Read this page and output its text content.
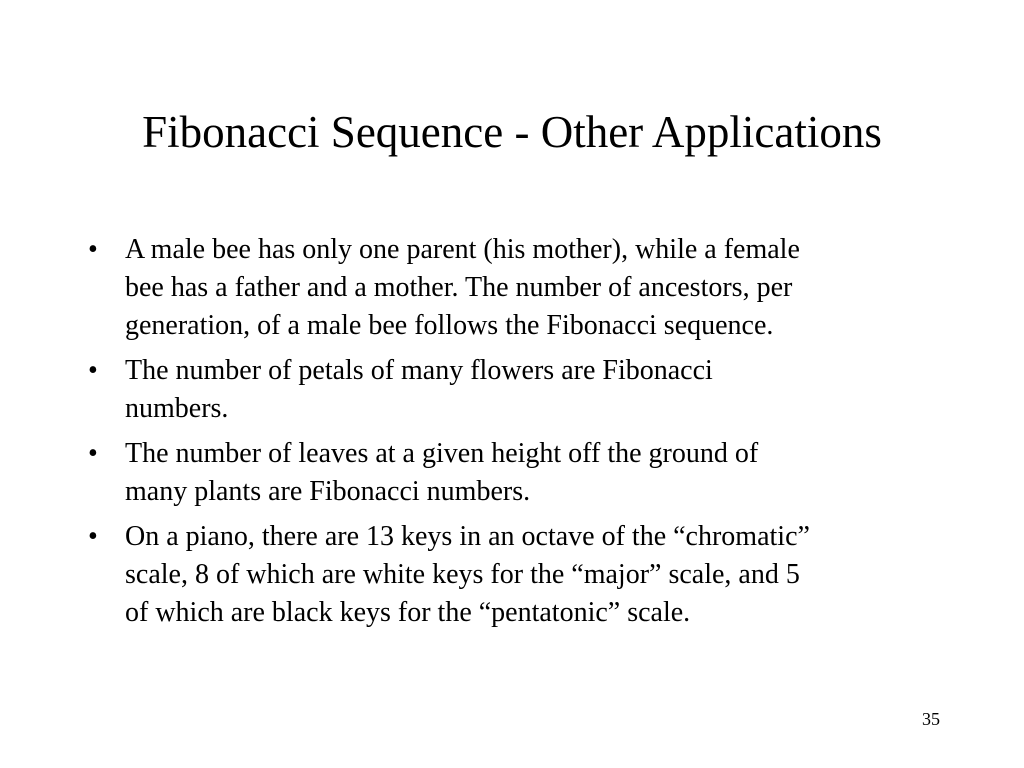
Fibonacci Sequence - Other Applications
• A male bee has only one parent (his mother), while a female
bee has a father and a mother. The number of ancestors, per
generation, of a male bee follows the Fibonacci sequence.
• The number of petals of many flowers are Fibonacci
numbers.
• The number of leaves at a given height off the ground of
many plants are Fibonacci numbers.
• On a piano, there are 13 keys in an octave of the “chromatic”
scale, 8 of which are white keys for the “major” scale, and 5
of which are black keys for the “pentatonic” scale.
35
